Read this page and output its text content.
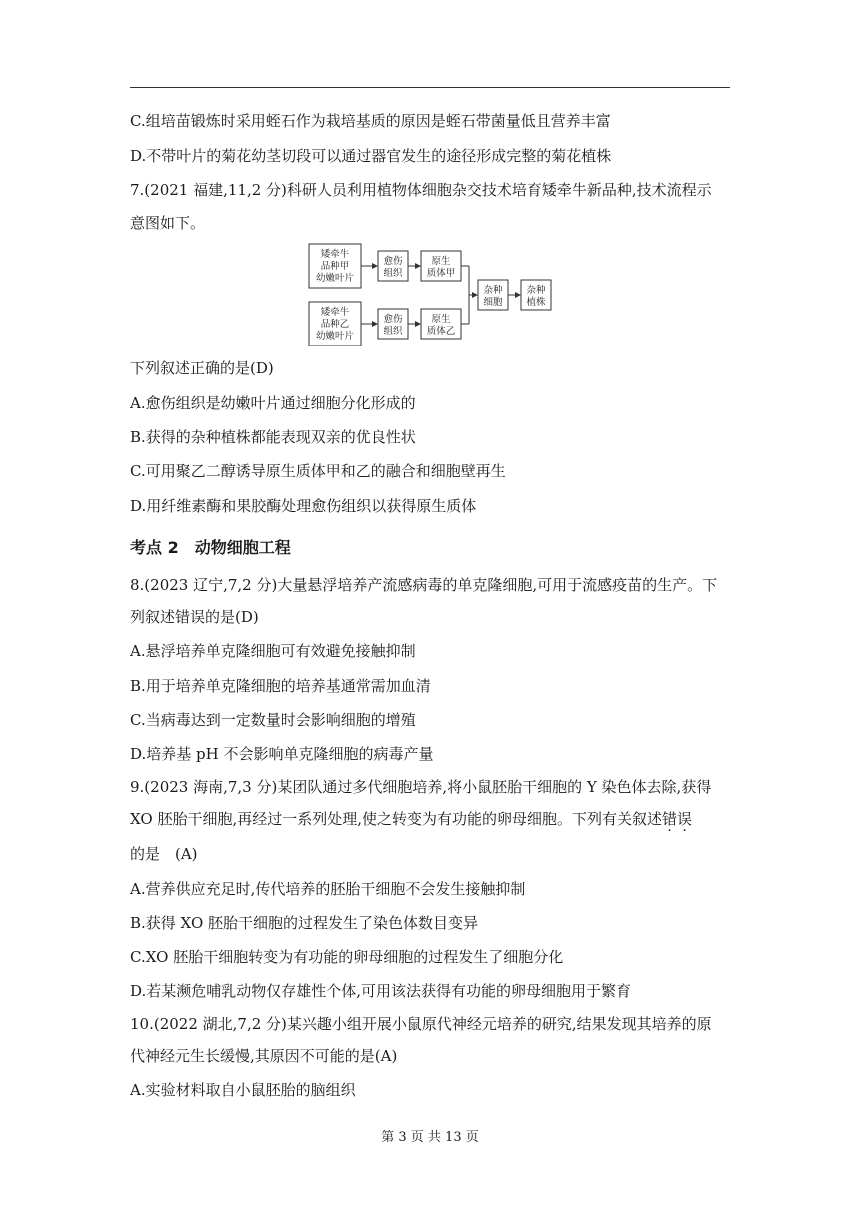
C.组培苗锻炼时采用蛭石作为栽培基质的原因是蛭石带菌量低且营养丰富
D.不带叶片的菊花幼茎切段可以通过器官发生的途径形成完整的菊花植株
7.(2021 福建,11,2 分)科研人员利用植物体细胞杂交技术培育矮牵牛新品种,技术流程示
意图如下。
矮牵牛
品种甲
幼嫩叶片
矮牵牛
品种乙
幼嫩叶片
愈伤
组织
愈伤
组织
原生
质体甲
原生
质体乙
杂种
细胞
杂种
植株
下列叙述正确的是(D)
A.愈伤组织是幼嫩叶片通过细胞分化形成的
B.获得的杂种植株都能表现双亲的优良性状
C.可用聚乙二醇诱导原生质体甲和乙的融合和细胞壁再生
D.用纤维素酶和果胶酶处理愈伤组织以获得原生质体
考点 2　动物细胞工程
8.(2023 辽宁,7,2 分)大量悬浮培养产流感病毒的单克隆细胞,可用于流感疫苗的生产。下
列叙述错误的是(D)
A.悬浮培养单克隆细胞可有效避免接触抑制
B.用于培养单克隆细胞的培养基通常需加血清
C.当病毒达到一定数量时会影响细胞的增殖
D.培养基 pH 不会影响单克隆细胞的病毒产量
9.(2023 海南,7,3 分)某团队通过多代细胞培养,将小鼠胚胎干细胞的 Y 染色体去除,获得
XO 胚胎干细胞,再经过一系列处理,使之转变为有功能的卵母细胞。下列有关叙述错误
的是　(A)
A.营养供应充足时,传代培养的胚胎干细胞不会发生接触抑制
B.获得 XO 胚胎干细胞的过程发生了染色体数目变异
C.XO 胚胎干细胞转变为有功能的卵母细胞的过程发生了细胞分化
D.若某濒危哺乳动物仅存雄性个体,可用该法获得有功能的卵母细胞用于繁育
10.(2022 湖北,7,2 分)某兴趣小组开展小鼠原代神经元培养的研究,结果发现其培养的原
代神经元生长缓慢,其原因不可能的是(A)
A.实验材料取自小鼠胚胎的脑组织
第 3 页 共 13 页
